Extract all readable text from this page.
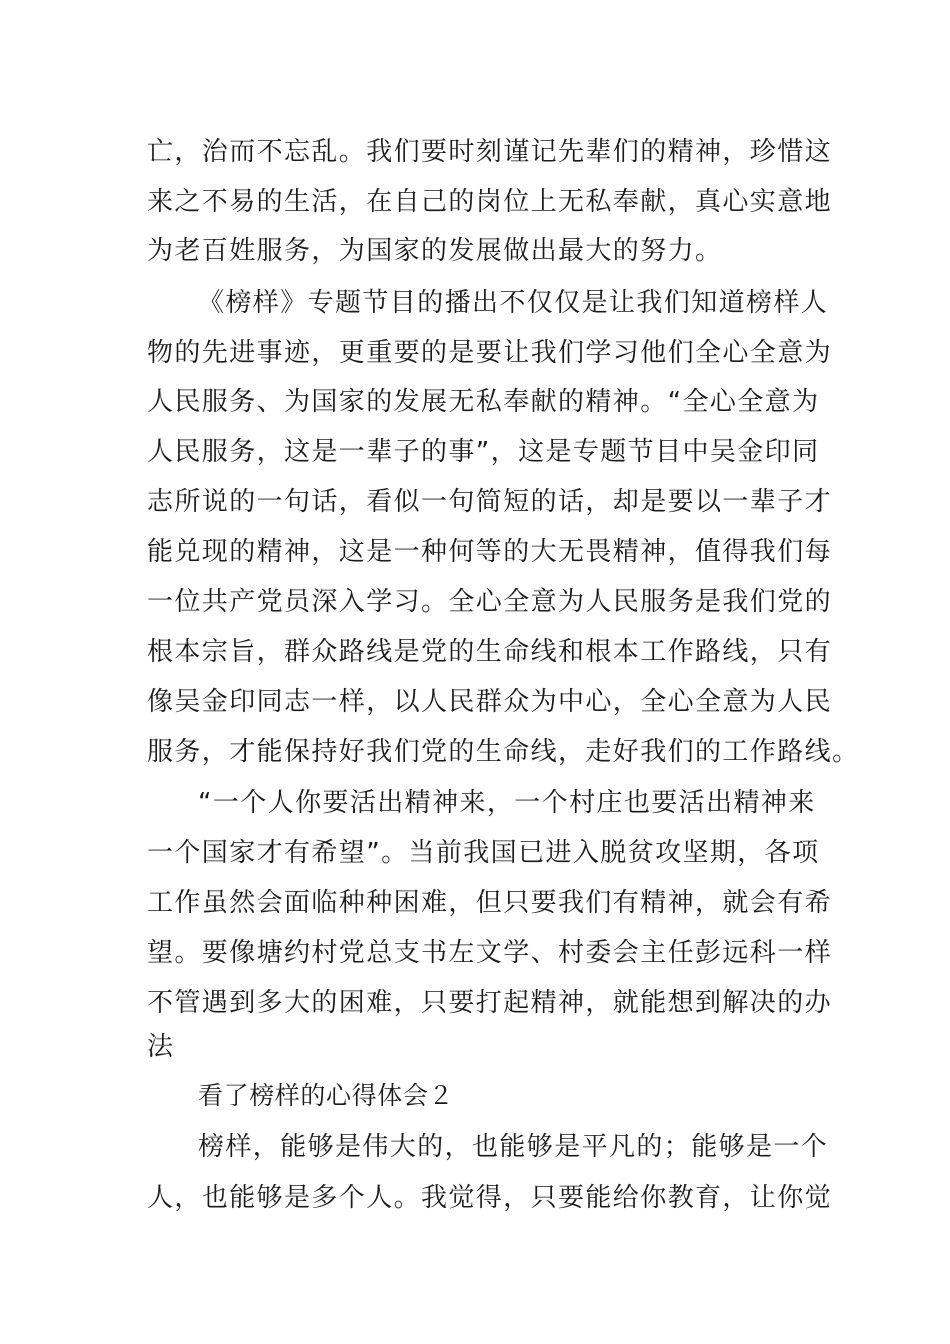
亡，治而不忘乱。我们要时刻谨记先辈们的精神，珍惜这
来之不易的生活，在自己的岗位上无私奉献，真心实意地
为老百姓服务，为国家的发展做出最大的努力。
《榜样》专题节目的播出不仅仅是让我们知道榜样人
物的先进事迹，更重要的是要让我们学习他们全心全意为
人民服务、为国家的发展无私奉献的精神。“全心全意为
人民服务，这是一辈子的事”，这是专题节目中吴金印同
志所说的一句话，看似一句简短的话，却是要以一辈子才
能兑现的精神，这是一种何等的大无畏精神，值得我们每
一位共产党员深入学习。全心全意为人民服务是我们党的
根本宗旨，群众路线是党的生命线和根本工作路线，只有
像吴金印同志一样，以人民群众为中心，全心全意为人民
服务，才能保持好我们党的生命线，走好我们的工作路线。
“一个人你要活出精神来，一个村庄也要活出精神来
一个国家才有希望”。当前我国已进入脱贫攻坚期，各项
工作虽然会面临种种困难，但只要我们有精神，就会有希
望。要像塘约村党总支书左文学、村委会主任彭远科一样
不管遇到多大的困难，只要打起精神，就能想到解决的办
法
看了榜样的心得体会２
榜样，能够是伟大的，也能够是平凡的；能够是一个
人，也能够是多个人。我觉得，只要能给你教育，让你觉
